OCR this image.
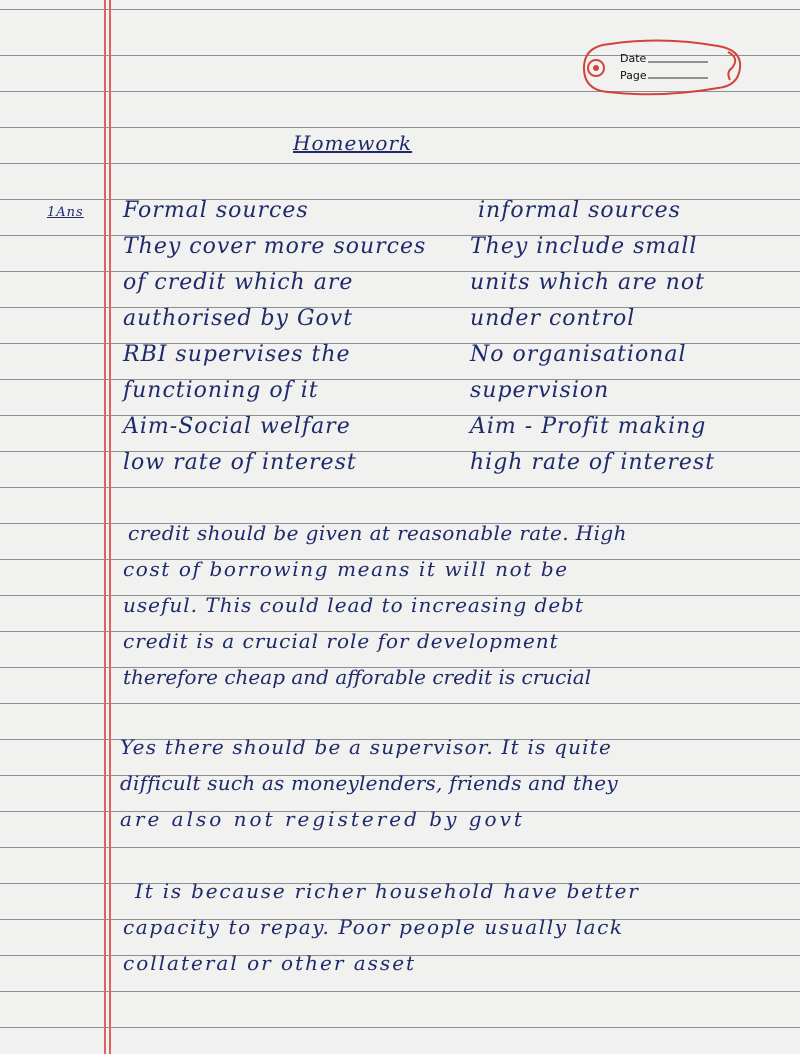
Date
Page
Homework
1Ans Formal sources	informal sources
They cover more sources
of credit which are
authorised by Govt
RBI supervises the
functioning of it
Aim-Social welfare
low rate of interest
They include small
units which are not
under control
No organisational
supervision
Aim - Profit making
high rate of interest
credit should be given at reasonable rate. High
cost of borrowing means it will not be
useful. This could lead to increasing debt
credit is a crucial role for development
therefore cheap and afforable credit is crucial
Yes there should be a supervisor. It is quite
difficult such as moneylenders, friends and they
are also not registered by govt
It is because richer household have better
capacity to repay. Poor people usually lack
collateral or other asset
